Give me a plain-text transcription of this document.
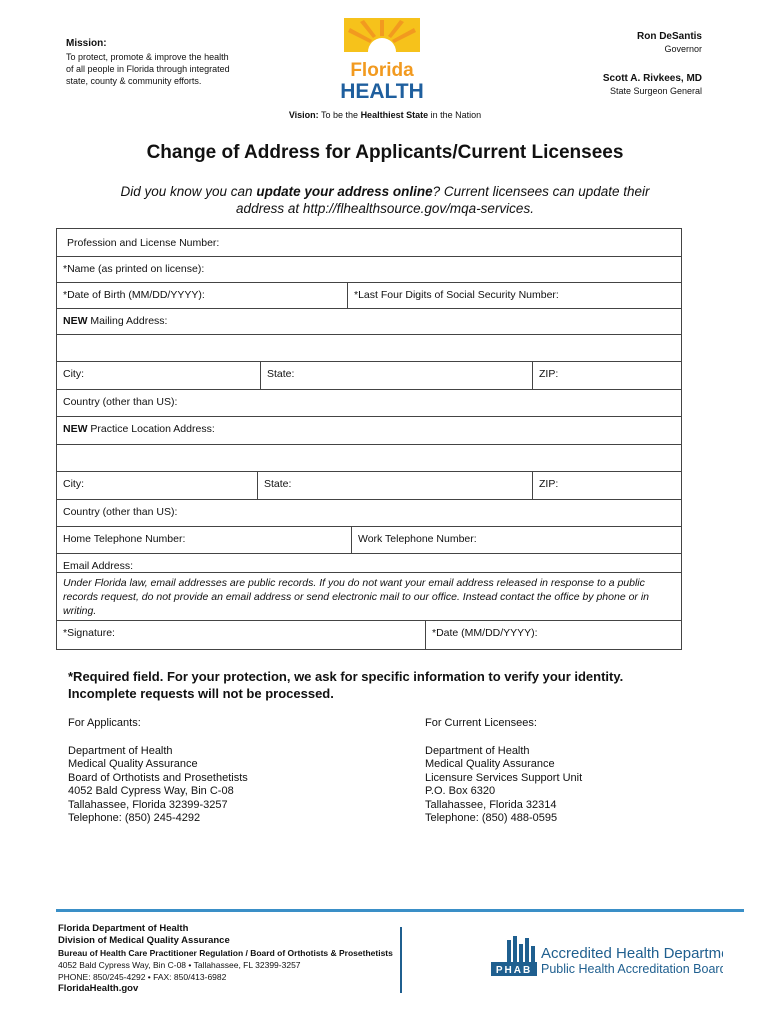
Mission:
To protect, promote & improve the health of all people in Florida through integrated state, county & community efforts.	Florida
HEALTH
Ron DeSantis
Governor
Scott A. Rivkees, MD
State Surgeon General
Vision: To be the Healthiest State in the Nation
Change of Address for Applicants/Current Licensees
Did you know you can update your address online? Current licensees can update their address at http://flhealthsource.gov/mqa-services.
Profession and License Number:
*Name (as printed on license):
*Date of Birth (MM/DD/YYYY):	*Last Four Digits of Social Security Number:
NEW Mailing Address:
City:	State:	ZIP:
Country (other than US):
NEW Practice Location Address:
City:	State:	ZIP:
Country (other than US):
Home Telephone Number:	Work Telephone Number:
Email Address:
Under Florida law, email addresses are public records. If you do not want your email address released in response to a public records request, do not provide an email address or send electronic mail to our office. Instead contact the office by phone or in writing.
*Signature:	*Date (MM/DD/YYYY):
*Required field. For your protection, we ask for specific information to verify your identity. Incomplete requests will not be processed.
For Applicants:
Department of Health
Medical Quality Assurance
Board of Orthotists and Prosethetists
4052 Bald Cypress Way, Bin C-08
Tallahassee, Florida 32399-3257
Telephone: (850) 245-4292
For Current Licensees:
Department of Health
Medical Quality Assurance
Licensure Services Support Unit
P.O. Box 6320
Tallahassee, Florida 32314
Telephone: (850) 488-0595
Florida Department of Health
Division of Medical Quality Assurance
Bureau of Health Care Practitioner Regulation / Board of Orthotists & Prosethetists
4052 Bald Cypress Way, Bin C-08 • Tallahassee, FL 32399-3257
PHONE: 850/245-4292 • FAX: 850/413-6982
FloridaHealth.gov
PHAB
Accredited Health Department
Public Health Accreditation Board
